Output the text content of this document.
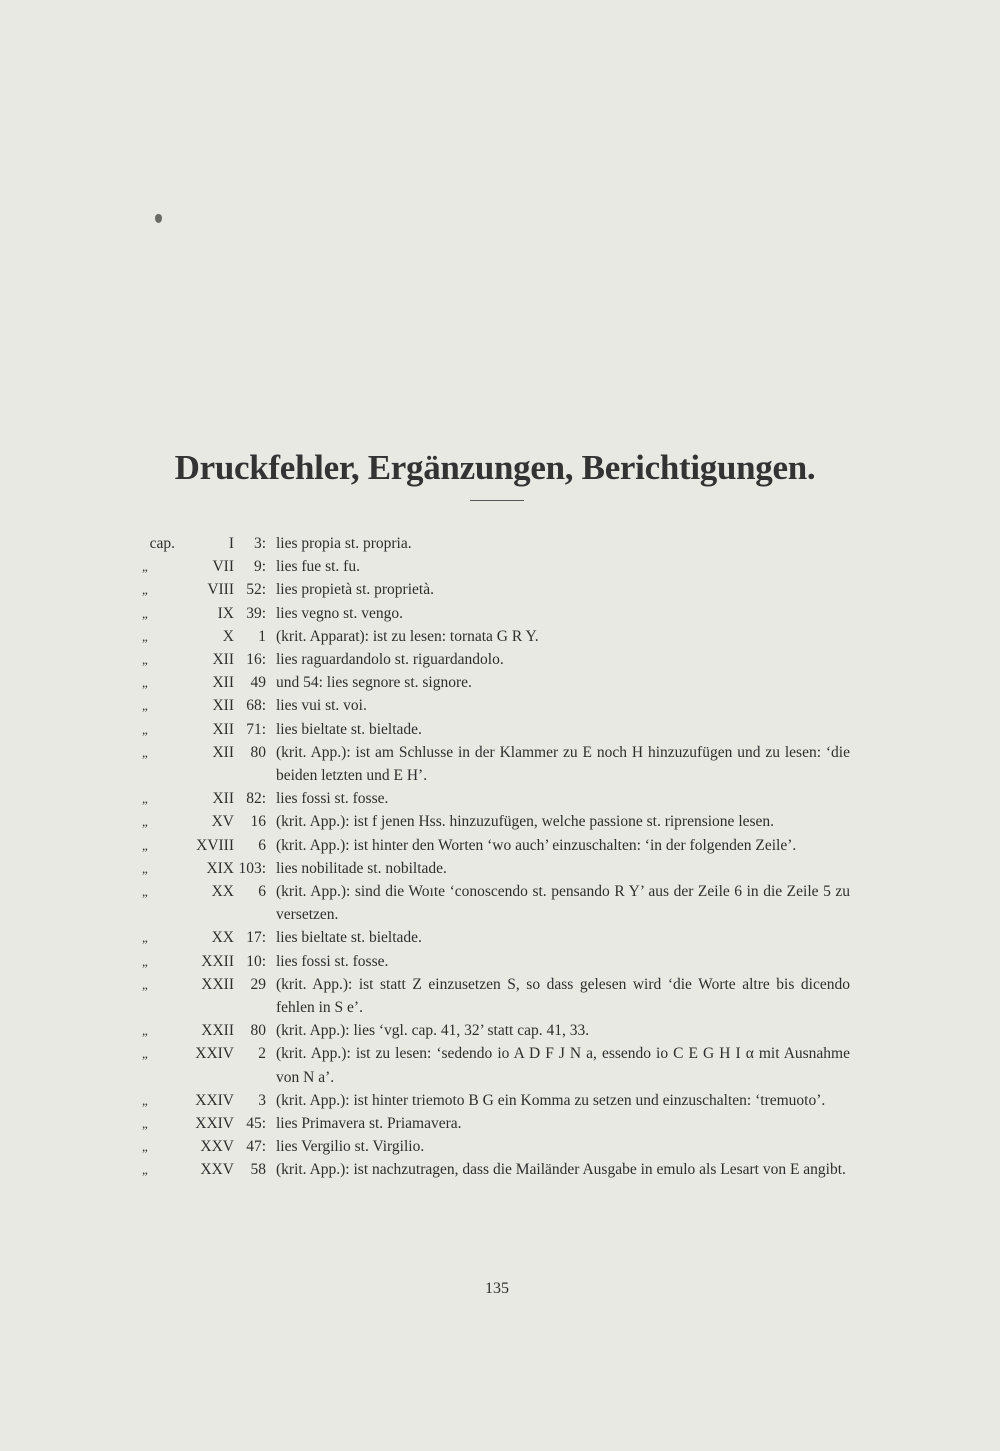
Druckfehler, Ergänzungen, Berichtigungen.
cap.	I	3: lies propia st. propria.
„	VII	9: lies fue st. fu.
„	VIII 52: lies propietà st. proprietà.
„	IX 39: lies vegno st. vengo.
„	X	1 (krit. Apparat): ist zu lesen: tornata G R Y.
„	XII 16: lies raguardandolo st. riguardandolo.
„	XII	49 und 54: lies segnore st. signore.
„	XII 68: lies vui st. voi.
„	XII 71: lies bieltate st. bieltade.
„	XII	80 (krit. App.): ist am Schlusse in der Klammer zu E noch H hinzuzufügen und zu lesen: ‘die beiden letzten und E H’.
„	XII 82: lies fossi st. fosse.
„	XV	16 (krit. App.): ist f jenen Hss. hinzuzufügen, welche passione st. riprensione lesen.
„	XVIII	6 (krit. App.): ist hinter den Worten ‘wo auch’ einzuschalten: ‘in der folgenden Zeile’.
„	XIX 103: lies nobilitade st. nobiltade.
„	XX	6 (krit. App.): sind die Woıte ‘conoscendo st. pensando R Y’ aus der Zeile 6 in die Zeile 5 zu versetzen.
„	XX 17: lies bieltate st. bieltade.
„	XXII 10: lies fossi st. fosse.
„	XXII	29 (krit. App.): ist statt Z einzusetzen S, so dass gelesen wird ‘die Worte altre bis dicendo fehlen in S e’.
„	XXII	80 (krit. App.): lies ‘vgl. cap. 41, 32’ statt cap. 41, 33.
„	XXIV	2 (krit. App.): ist zu lesen: ‘sedendo io A D F J N a, essendo io C E G H I α mit Ausnahme von N a’.
„	XXIV	3 (krit. App.): ist hinter triemoto B G ein Komma zu setzen und einzuschalten: ‘tremuoto’.
„	XXIV 45: lies Primavera st. Priamavera.
„	XXV 47: lies Vergilio st. Virgilio.
„	XXV	58 (krit. App.): ist nachzutragen, dass die Mailänder Ausgabe in emulo als Lesart von E angibt.
135
